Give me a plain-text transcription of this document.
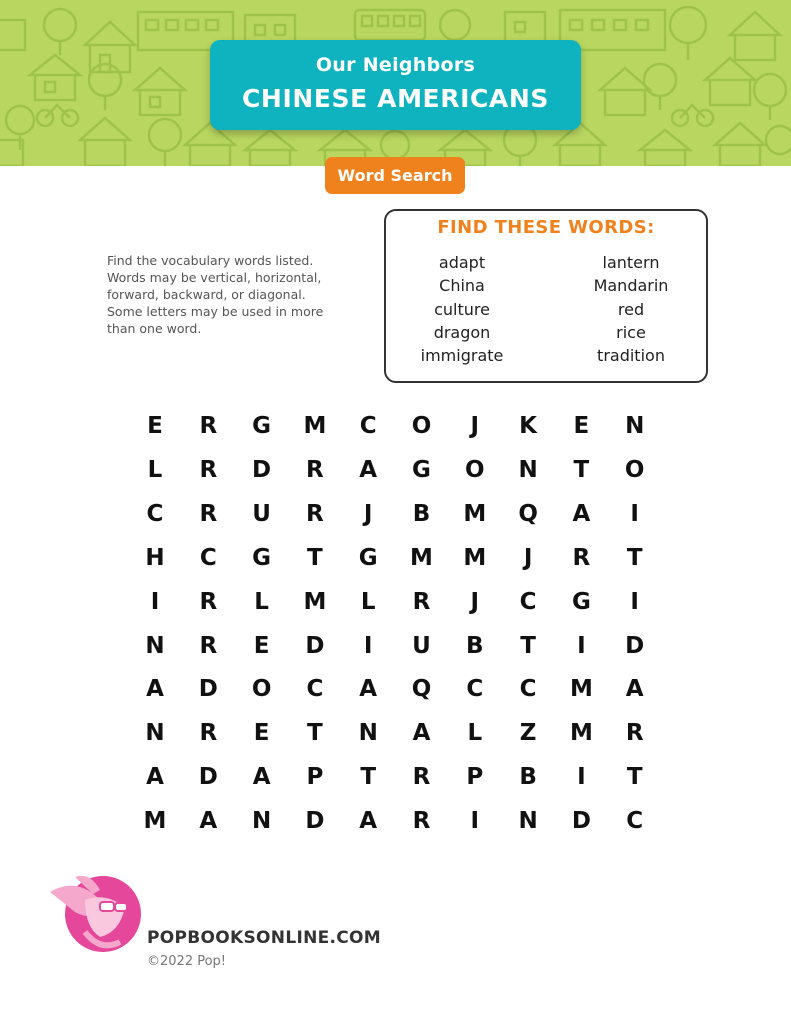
Our Neighbors
CHINESE AMERICANS
Word Search
Find the vocabulary words listed. Words may be vertical, horizontal, forward, backward, or diagonal. Some letters may be used in more than one word.
FIND THESE WORDS:
adapt
China
culture
dragon
immigrate
lantern
Mandarin
red
rice
tradition
E	R	G	M	C	O	J	K	E	N
L	R	D	R	A	G	O	N	T	O
C	R	U	R	J	B	M	Q	A	I
H	C	G	T	G	M	M	J	R	T
I	R	L	M	L	R	J	C	G	I
N	R	E	D	I	U	B	T	I	D
A	D	O	C	A	Q	C	C	M	A
N	R	E	T	N	A	L	Z	M	R
A	D	A	P	T	R	P	B	I	T
M	A	N	D	A	R	I	N	D	C
POPBOOKSONLINE.COM
©2022 Pop!
